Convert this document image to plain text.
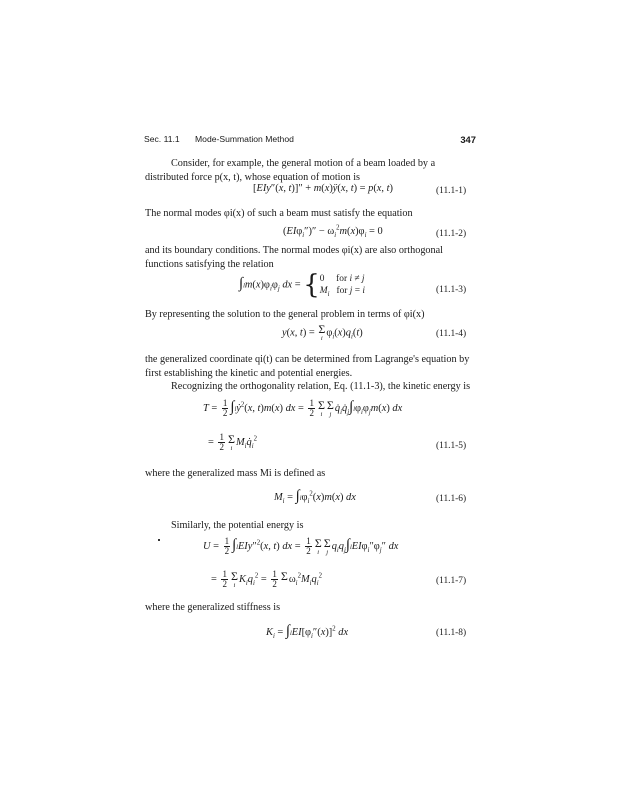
Sec. 11.1 Mode-Summation Method	347
Consider, for example, the general motion of a beam loaded by a distributed force p(x, t), whose equation of motion is
[EIy″(x, t)]″ + m(x)ÿ(x, t) = p(x, t)	(11.1-1)
The normal modes φi(x) of such a beam must satisfy the equation
$(EI\varphi_i'')'' - \omega_i^2m(x)\varphi_i = 0$	(11.1-2)
and its boundary conditions. The normal modes φi(x) are also orthogonal functions satisfying the relation
$\int lm(x)\varphi_i\varphi_j$ dx = {0     for i ≠ j
$M_i$   for j = i	(11.1-3)
By representing the solution to the general problem in terms of φi(x)
y(x, t) = Σ
i
$\varphi_i(x)q_i(t)$	(11.1-4)
the generalized coordinate qi(t) can be determined from Lagrange's equation by first establishing the kinetic and potential energies.
Recognizing the orthogonality relation, Eq. (11.1-3), the kinetic energy is
$T = \frac{1}{2}$ ∫lẏ$^2$(x, t)m(x) dx = $\frac{1}{2}$ Σ
i
Σ
j
$q̇_iq̇_j\int l\varphi_i\varphi_jm(x)$ dx
= $\frac{1}{2}$ Σ
i
$M_iq̇_i^2$
(11.1-5)
where the generalized mass Mi is defined as
$M_i = \int l\varphi_i^2(x)m(x)$ dx	(11.1-6)
Similarly, the potential energy is
$U = \frac{1}{2}$ ∫lEIy″$^2$(x, t) dx = $\frac{1}{2}$ Σ
i
Σ
j
$q_iq_j\int lEI\varphi_i''\varphi_j''$ dx
= $\frac{1}{2}$ Σ
i
$K_iq_i^2 = \frac{1}{2}$ Σ
$\omega_i^2M_iq_i^2$
(11.1-7)
where the generalized stiffness is
$K_i = \int lEI[\varphi_i''(x)]^2$ dx	(11.1-8)
